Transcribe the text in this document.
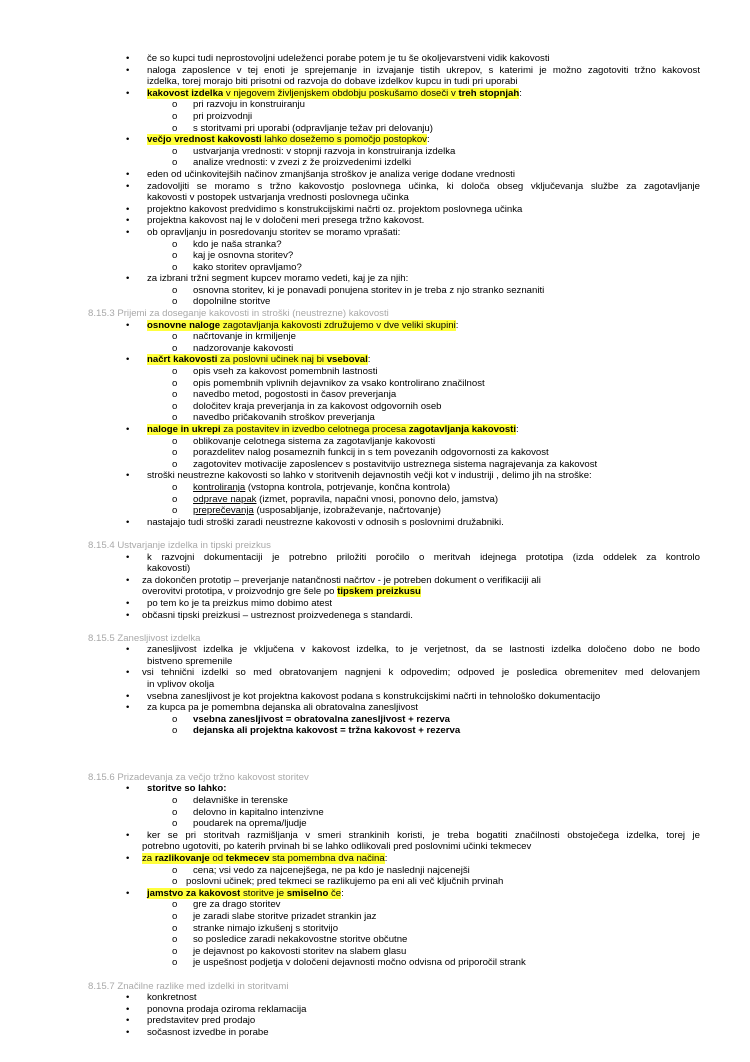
• če so kupci tudi neprostovoljni udeleženci porabe potem je tu še okoljevarstveni vidik kakovosti
• naloga zaposlence v tej enoti je sprejemanje in izvajanje tistih ukrepov, s katerimi je možno zagotoviti tržno kakovost
izdelka, torej morajo biti prisotni od razvoja do dobave izdelkov kupcu in tudi pri uporabi
• kakovost izdelka v njegovem življenjskem obdobju poskušamo doseči v treh stopnjah:
o pri razvoju in konstruiranju
o pri proizvodnji
o s storitvami pri uporabi (odpravljanje težav pri delovanju)
• večjo vrednost kakovosti lahko dosežemo s pomočjo postopkov:
o ustvarjanja vrednosti: v stopnji razvoja in konstruiranja izdelka
o analize vrednosti: v zvezi z že proizvedenimi izdelki
• eden od učinkovitejših načinov zmanjšanja stroškov je analiza verige dodane vrednosti
• zadovoljiti se moramo s tržno kakovostjo poslovnega učinka, ki določa obseg vključevanja službe za zagotavljanje
kakovosti v postopek ustvarjanja vrednosti poslovnega učinka
• projektno kakovost predvidimo s konstrukcijskimi načrti oz. projektom poslovnega učinka
• projektna kakovost naj le v določeni meri presega tržno kakovost.
• ob opravljanju in posredovanju storitev se moramo vprašati:
o kdo je naša stranka?
o kaj je osnovna storitev?
o kako storitev opravljamo?
• za izbrani tržni segment kupcev moramo vedeti, kaj je za njih:
o osnovna storitev, ki je ponavadi ponujena storitev in je treba z njo stranko seznaniti
o dopolnilne storitve
8.15.3 Prijemi za doseganje kakovosti in stroški (neustrezne) kakovosti
• osnovne naloge zagotavljanja kakovosti združujemo v dve veliki skupini:
o načrtovanje in krmiljenje
o nadzorovanje kakovosti
• načrt kakovosti za poslovni učinek naj bi vseboval:
o opis vseh za kakovost pomembnih lastnosti
o opis pomembnih vplivnih dejavnikov za vsako kontrolirano značilnost
o navedbo metod, pogostosti in časov preverjanja
o določitev kraja preverjanja in za kakovost odgovornih oseb
o navedbo pričakovanih stroškov preverjanja
• naloge in ukrepi za postavitev in izvedbo celotnega procesa zagotavljanja kakovosti:
o oblikovanje celotnega sistema za zagotavljanje kakovosti
o porazdelitev nalog posameznih funkcij in s tem povezanih odgovornosti za kakovost
o zagotovitev motivacije zaposlencev s postavitvijo ustreznega sistema nagrajevanja za kakovost
• stroški neustrezne kakovosti so lahko v storitvenih dejavnostih večji kot v industriji , delimo jih na stroške:
o kontroliranja (vstopna kontrola, potrjevanje, končna kontrola)
o odprave napak (izmet, popravila, napačni vnosi, ponovno delo, jamstva)
o preprečevanja (usposabljanje, izobraževanje, načrtovanje)
• nastajajo tudi stroški zaradi neustrezne kakovosti v odnosih s poslovnimi družabniki.
8.15.4 Ustvarjanje izdelka in tipski preizkus
• k razvojni dokumentaciji je potrebno priložiti poročilo o meritvah idejnega prototipa (izda oddelek za kontrolo
kakovosti)
• za dokončen prototip – preverjanje natančnosti načrtov - je potreben dokument o verifikaciji ali
overovitvi prototipa, v proizvodnjo gre šele po tipskem preizkusu
• po tem ko je ta preizkus mimo dobimo atest
• občasni tipski preizkusi – ustreznost proizvedenega s standardi.
8.15.5 Zanesljivost izdelka
• zanesljivost izdelka je vključena v kakovost izdelka, to je verjetnost, da se lastnosti izdelka določeno dobo ne bodo
bistveno spremenile
• vsi tehnični izdelki so med obratovanjem nagnjeni k odpovedim; odpoved je posledica obremenitev med delovanjem
in vplivov okolja
• vsebna zanesljivost je kot projektna kakovost podana s konstrukcijskimi načrti in tehnološko dokumentacijo
• za kupca pa je pomembna dejanska ali obratovalna zanesljivost
o vsebna zanesljivost = obratovalna zanesljivost + rezerva
o dejanska ali projektna kakovost = tržna kakovost + rezerva
8.15.6 Prizadevanja za večjo tržno kakovost storitev
• storitve so lahko:
o delavniške in terenske
o delovno in kapitalno intenzivne
o poudarek na oprema/ljudje
• ker se pri storitvah razmišljanja v smeri strankinih koristi, je treba bogatiti značilnosti obstoječega izdelka, torej je
potrebno ugotoviti, po katerih prvinah bi se lahko odlikovali pred poslovnimi učinki tekmecev
• za razlikovanje od tekmecev sta pomembna dva načina:
o cena; vsi vedo za najcenejšega, ne pa kdo je naslednji najcenejši
o poslovni učinek; pred tekmeci se razlikujemo pa eni ali več ključnih prvinah
• jamstvo za kakovost storitve je smiselno če:
o gre za drago storitev
o je zaradi slabe storitve prizadet strankin jaz
o stranke nimajo izkušenj s storitvijo
o so posledice zaradi nekakovostne storitve občutne
o je dejavnost po kakovosti storitev na slabem glasu
o je uspešnost podjetja v določeni dejavnosti močno odvisna od priporočil strank
8.15.7 Značilne razlike med izdelki in storitvami
• konkretnost
• ponovna prodaja oziroma reklamacija
• predstavitev pred prodajo
• sočasnost izvedbe in porabe
